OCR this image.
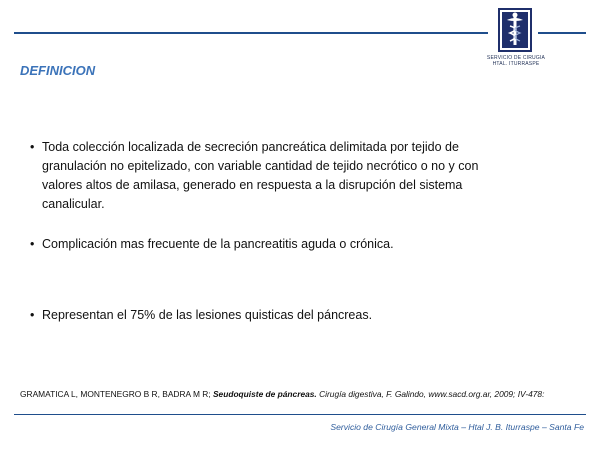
SERVICIO DE CIRUGIA
HTAL. ITURRASPE
DEFINICION

• Toda colección localizada de secreción pancreática delimitada por tejido de granulación no epitelizado, con variable cantidad de tejido necrótico o no y con valores altos de amilasa, generado en respuesta a la disrupción del sistema canalicular.

• Complicación mas frecuente de la pancreatitis aguda o crónica.

• Representan el 75% de las lesiones quisticas del páncreas.

GRAMATICA L, MONTENEGRO B R, BADRA M R; Seudoquiste de páncreas. Cirugía digestiva, F. Galindo, www.sacd.org.ar, 2009; IV-478:

Servicio de Cirugía General Mixta – Htal J. B. Iturraspe – Santa Fe
